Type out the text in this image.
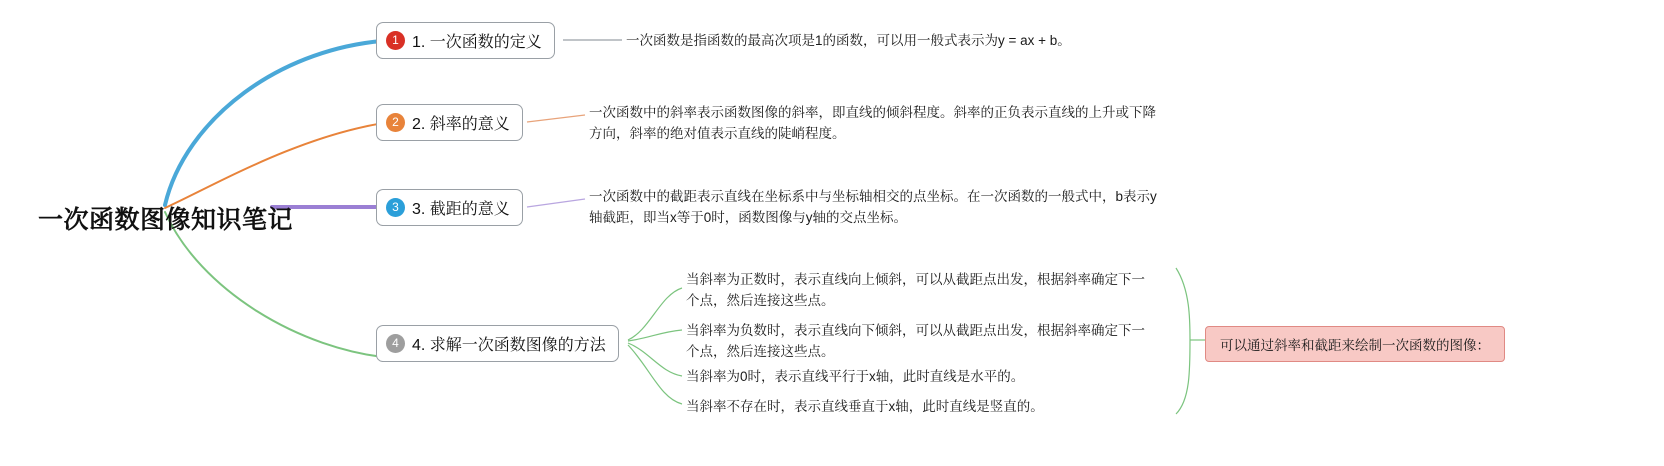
一次函数图像知识笔记
1 1. 一次函数的定义	一次函数是指函数的最高次项是1的函数，可以用一般式表示为y = ax + b。
2 2. 斜率的意义
一次函数中的斜率表示函数图像的斜率，即直线的倾斜程度。斜率的正负表示直线的上升或下降方向，斜率的绝对值表示直线的陡峭程度。
3 3. 截距的意义
一次函数中的截距表示直线在坐标系中与坐标轴相交的点坐标。在一次函数的一般式中，b表示y轴截距，即当x等于0时，函数图像与y轴的交点坐标。
4 4. 求解一次函数图像的方法
当斜率为正数时，表示直线向上倾斜，可以从截距点出发，根据斜率确定下一个点，然后连接这些点。
当斜率为负数时，表示直线向下倾斜，可以从截距点出发，根据斜率确定下一个点，然后连接这些点。
当斜率为0时，表示直线平行于x轴，此时直线是水平的。
当斜率不存在时，表示直线垂直于x轴，此时直线是竖直的。
可以通过斜率和截距来绘制一次函数的图像：
